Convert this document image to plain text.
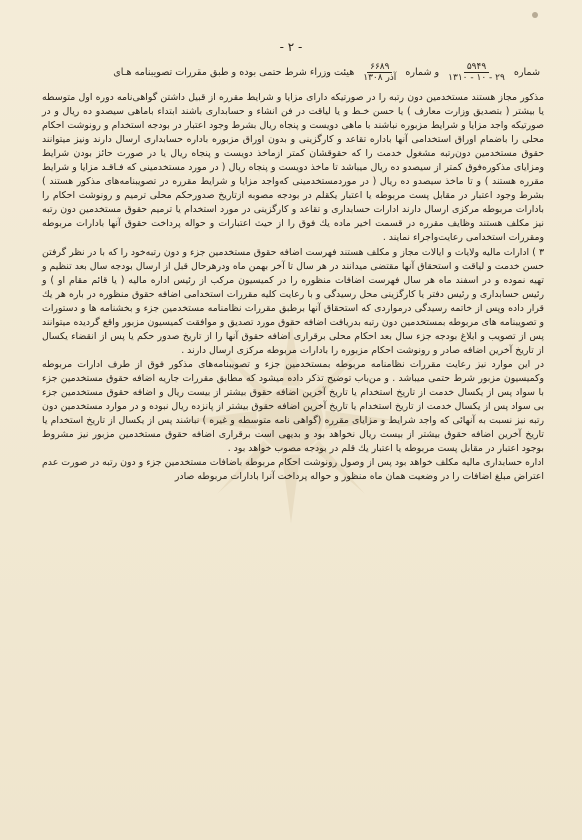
- ۲ -
شماره
$\frac{۵۹۴۹}{۲۹ - ۱۰ - ۱۳۱۰}$
و شماره
$\frac{۶۶۸۹}{\text{آذر ۱۳۰۸}}$
هیئت وزراء شرط حتمی بوده و طبق مقررات تصویبنامه هـای

مذکور مجاز هستند مستخدمین دون رتبه را در صورتیکه دارای مزایا و شرایط مقرره از قبیل داشتن گواهی‌نامه دوره اول متوسطه یا بیشتر ( بتصدیق وزارت معارف ) یا حسن خـط و یا لیاقت در فن انشاء و حسابداری باشند ابتداء باماهی سیصدو ده ریال و در صورتیکه واجد مزایا و شرایط مزبوره نباشند با ماهی دویست و پنجاه ریال بشرط وجود اعتبار در بودجه استخدام و رونوشت احکام محلی را باضمام اوراق استخدامی آنها باداره تقاعد و کارگزینی و بدون اوراق مزبوره باداره حسابداری ارسال دارند ونیز میتوانند حقوق مستخدمین دون‌رتبه مشغول خدمت را که حقوقشان کمتر ازماخذ دویست و پنجاه ریال یا در صورت حائز بودن شرایط ومزایای مذکوره‌فوق کمتر از سیصدو ده ریال میباشد تا ماخذ دویست و پنجاه ریال ( در مورد مستخدمینی که فـاقـد مزایا و شرایط مقرره هستند ) و تا ماخذ سیصدو ده ریال ( در موردمستخدمینی که‌واجد مزایا و شرایط مقرره در تصویبنامه‌های مذکور هستند ) بشرط وجود اعتبار در مقابل پست مربوطه یا اعتبار یکقلم در بودجه مصوبه ازتاریخ صدورحکم محلی ترمیم و رونوشت احکام را بادارات مربوطه مرکزی ارسال دارند ادارات حسابداری و تقاعد و کارگزینی در مورد استخدام یا ترمیم حقوق مستخدمین دون رتبه نیز مکلف هستند وظایف مقرره در قسمت اخیر ماده یك فوق را از حیث اعتبارات و حواله پرداخت حقوق آنها بادارات مربوطه ومقررات استخدامی رعایت‌واجراء نمایند .

۳ ) ادارات مالیه ولایات و ایالات مجاز و مکلف هستند فهرست اضافه حقوق مستخدمین جزء و دون رتبه‌خود را که با در نظر گرفتن حسن خدمت و لیاقت و استحقاق آنها مقتضی میدانند در هر سال تا آخر بهمن ماه ودرهرحال قبل از ارسال بودجه سال بعد تنظیم و تهیه نموده و در اسفند ماه هر سال فهرست اضافات منظوره را در کمیسیون مرکب از رئیس اداره مالیه ( یا قائم مقام او ) و رئیس حسابداری و رئیس دفتر یا کارگزینی محل رسیدگی و با رعایت کلیه مقررات استخدامی اضافه حقوق منظوره در باره هر یك قرار داده وپس از خاتمه رسیدگی درمواردی که استحقاق آنها برطبق مقررات نظامنامه مستخدمین جزء و بخشنامه ها و دستورات و تصویبنامه های مربوطه بمستخدمین دون رتبه بدریافت اضافه حقوق مورد تصدیق و موافقت کمیسیون مزبور واقع گردیده میتوانند پس از تصویب و ابلاغ بودجه جزء سال بعد احکام محلی برقراری اضافه حقوق آنها را از تاریخ صدور حکم یا پس از انقضاء یکسال از تاریخ آخرین اضافه صادر و رونوشت احکام مزبوره را بادارات مربوطه مرکزی ارسال دارند .

در این موارد نیز رعایت مقررات نظامنامه مربوطه بمستخدمین جزء و تصویبنامه‌های مذکور فوق از طرف ادارات مربوطه وکمیسیون مزبور شرط حتمی میباشد . و من‌باب توضیح تذکر داده میشود که مطابق مقررات جاریه اضافه حقوق مستخدمین جزء با سواد پس از یکسال خدمت از تاریخ استخدام یا تاریخ آخرین اضافه حقوق بیشتر از بیست ریال و اضافه حقوق مستخدمین جزء بی سواد پس از یکسال خدمت از تاریخ استخدام یا تاریخ آخرین اضافه حقوق بیشتر از پانزده ریال نبوده و در موارد مستخدمین دون رتبه نیز نسبت به آنهائی که واجد شرایط و مزایای مقرره (گواهی نامه متوسطه و غیره ) نباشند پس از یکسال از تاریخ استخدام یا تاریخ آخرین اضافه حقوق بیشتر از بیست ریال نخواهد بود و بدیهی است برقراری اضافه حقوق مستخدمین مزبور نیز مشروط بوجود اعتبار در مقابل پست مربوطه یا اعتبار یك قلم در بودجه مصوب خواهد بود .

اداره حسابداری مالیه مکلف خواهد بود پس از وصول رونوشت احکام مربوطه باضافات مستخدمین جزء و دون رتبه در صورت عدم اعتراض مبلغ اضافات را در وضعیت همان ماه منظور و حواله پرداخت آنرا بادارات مربوطه صادر
